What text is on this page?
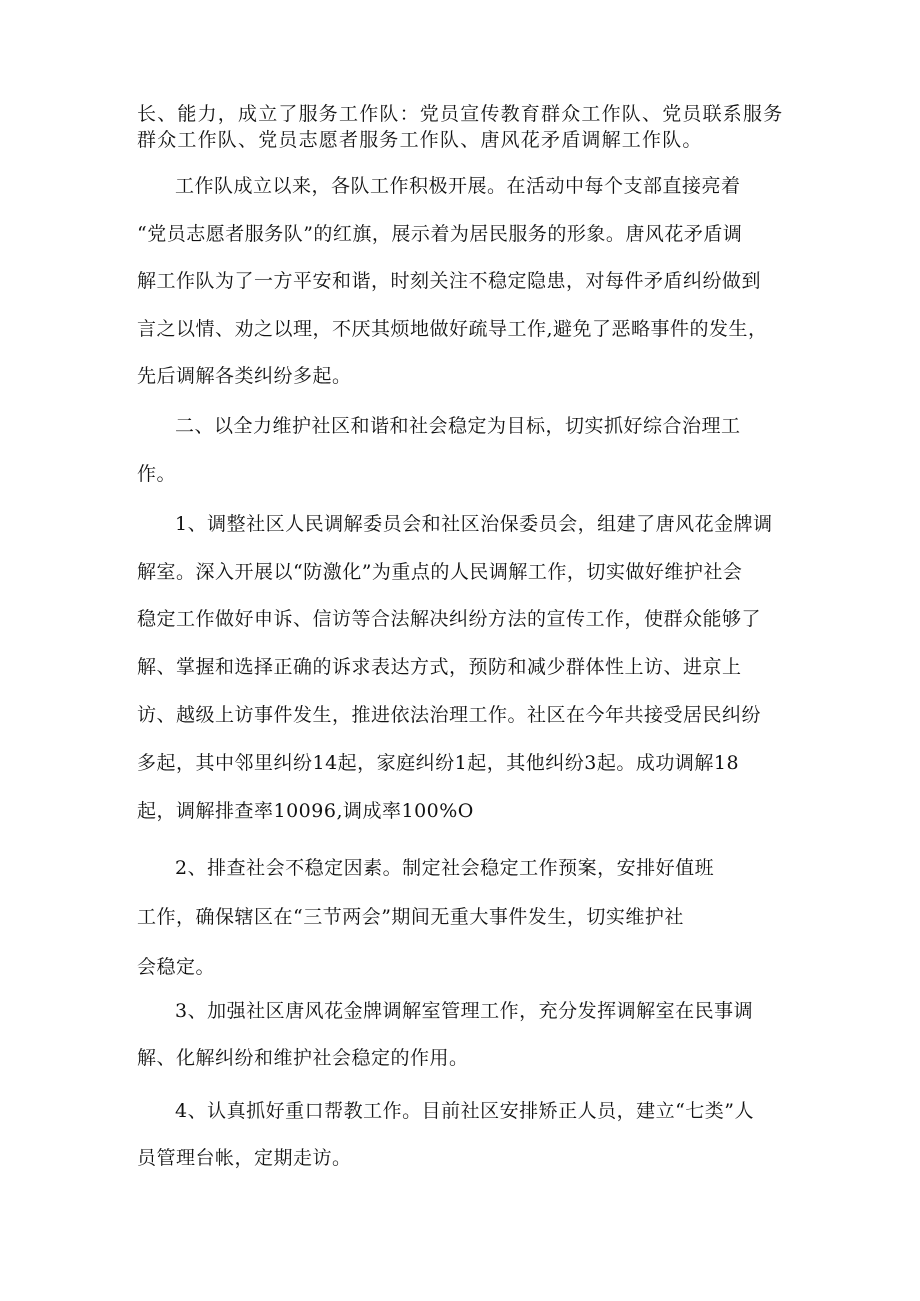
长、能力，成立了服务工作队：党员宣传教育群众工作队、党员联系服务
群众工作队、党员志愿者服务工作队、唐风花矛盾调解工作队。
工作队成立以来，各队工作积极开展。在活动中每个支部直接亮着
“党员志愿者服务队”的红旗，展示着为居民服务的形象。唐风花矛盾调
解工作队为了一方平安和谐，时刻关注不稳定隐患，对每件矛盾纠纷做到
言之以情、劝之以理，不厌其烦地做好疏导工作,避免了恶略事件的发生，
先后调解各类纠纷多起。
二、以全力维护社区和谐和社会稳定为目标，切实抓好综合治理工
作。
1、调整社区人民调解委员会和社区治保委员会，组建了唐风花金牌调
解室。深入开展以“防激化”为重点的人民调解工作，切实做好维护社会
稳定工作做好申诉、信访等合法解决纠纷方法的宣传工作，使群众能够了
解、掌握和选择正确的诉求表达方式，预防和减少群体性上访、进京上
访、越级上访事件发生，推进依法治理工作。社区在今年共接受居民纠纷
多起，其中邻里纠纷14起，家庭纠纷1起，其他纠纷3起。成功调解18
起，调解排查率10096,调成率100%O
2、排查社会不稳定因素。制定社会稳定工作预案，安排好值班
工作，确保辖区在“三节两会”期间无重大事件发生，切实维护社
会稳定。
3、加强社区唐风花金牌调解室管理工作，充分发挥调解室在民事调
解、化解纠纷和维护社会稳定的作用。
4、认真抓好重口帮教工作。目前社区安排矫正人员，建立“七类”人
员管理台帐，定期走访。
